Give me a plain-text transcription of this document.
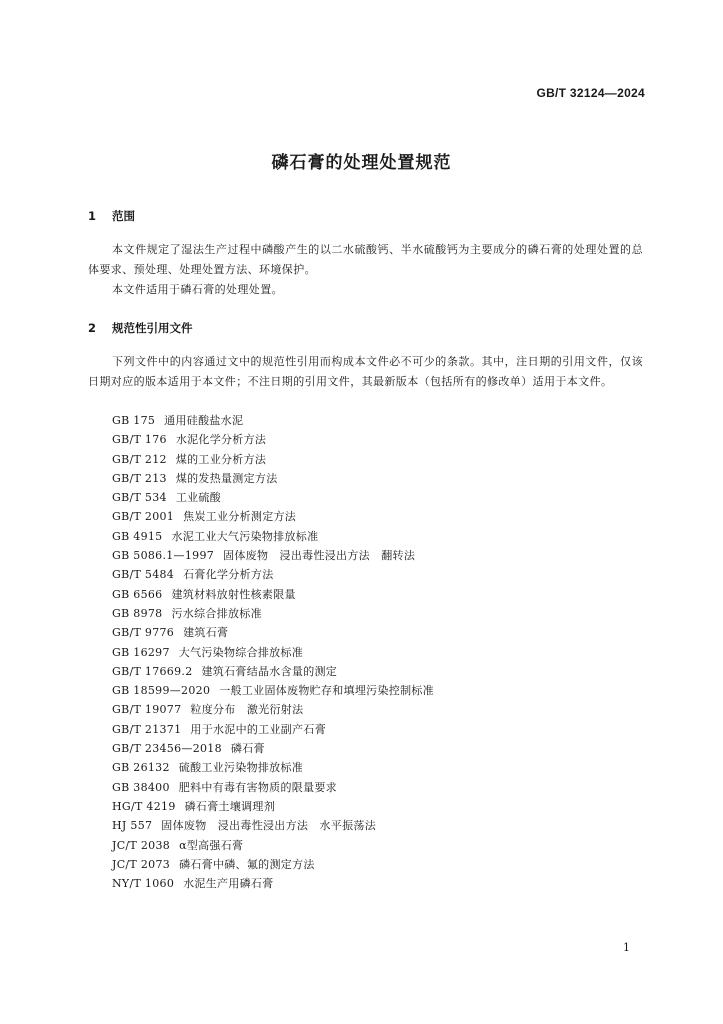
GB/T 32124—2024
磷石膏的处理处置规范
1 范围
本文件规定了湿法生产过程中磷酸产生的以二水硫酸钙、半水硫酸钙为主要成分的磷石膏的处理处置的总体要求、预处理、处理处置方法、环境保护。
本文件适用于磷石膏的处理处置。
2 规范性引用文件
下列文件中的内容通过文中的规范性引用而构成本文件必不可少的条款。其中，注日期的引用文件，仅该日期对应的版本适用于本文件；不注日期的引用文件，其最新版本（包括所有的修改单）适用于本文件。
GB 175 通用硅酸盐水泥
GB/T 176 水泥化学分析方法
GB/T 212 煤的工业分析方法
GB/T 213 煤的发热量测定方法
GB/T 534 工业硫酸
GB/T 2001 焦炭工业分析测定方法
GB 4915 水泥工业大气污染物排放标准
GB 5086.1—1997 固体废物　浸出毒性浸出方法　翻转法
GB/T 5484 石膏化学分析方法
GB 6566 建筑材料放射性核素限量
GB 8978 污水综合排放标准
GB/T 9776 建筑石膏
GB 16297 大气污染物综合排放标准
GB/T 17669.2 建筑石膏结晶水含量的测定
GB 18599—2020 一般工业固体废物贮存和填埋污染控制标准
GB/T 19077 粒度分布　激光衍射法
GB/T 21371 用于水泥中的工业副产石膏
GB/T 23456—2018 磷石膏
GB 26132 硫酸工业污染物排放标准
GB 38400 肥料中有毒有害物质的限量要求
HG/T 4219 磷石膏土壤调理剂
HJ 557 固体废物　浸出毒性浸出方法　水平振荡法
JC/T 2038 α型高强石膏
JC/T 2073 磷石膏中磷、氟的测定方法
NY/T 1060 水泥生产用磷石膏
1
